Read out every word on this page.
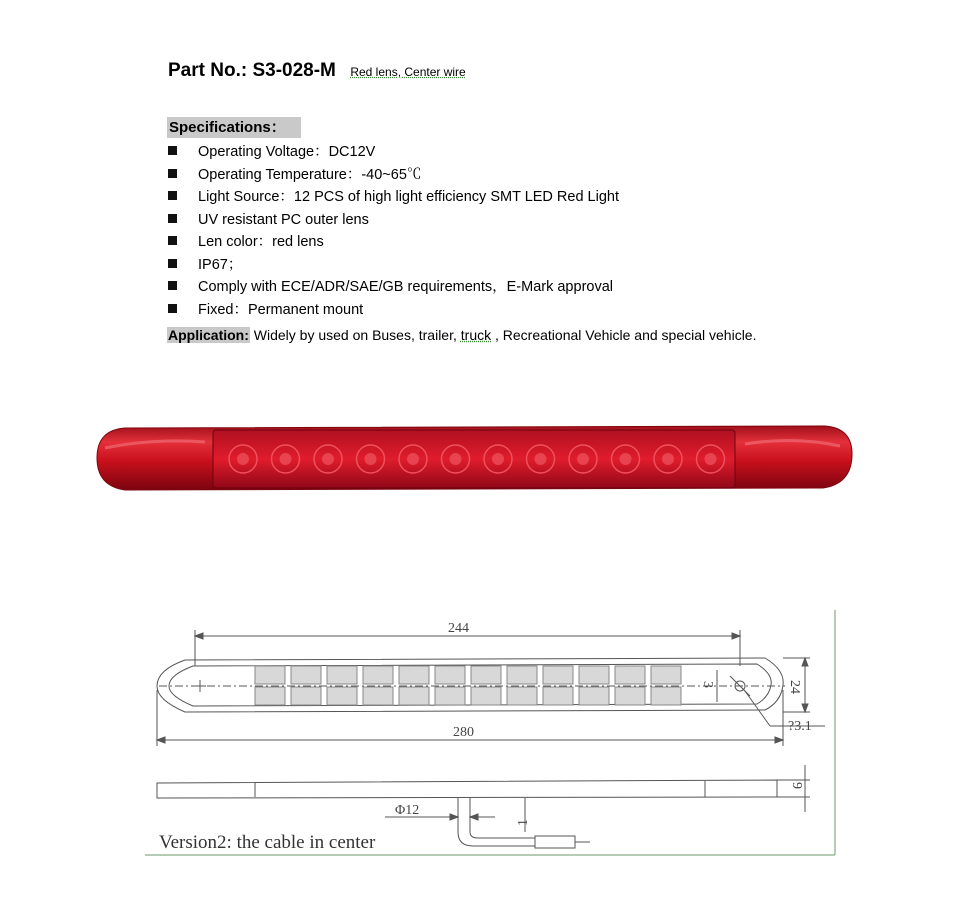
Part No.: S3-028-M Red lens, Center wire
Specifications：
Operating Voltage：DC12V
Operating Temperature：-40~65℃
Light Source：12 PCS of high light efficiency SMT LED Red Light
UV resistant PC outer lens
Len color：red lens
IP67；
Comply with ECE/ADR/SAE/GB requirements，E-Mark approval
Fixed：Permanent mount
Application: Widely by used on Buses, trailer, truck , Recreational Vehicle and special vehicle.
244
280
24
3
?3.1
9
Φ12
1
Version2: the cable in center
